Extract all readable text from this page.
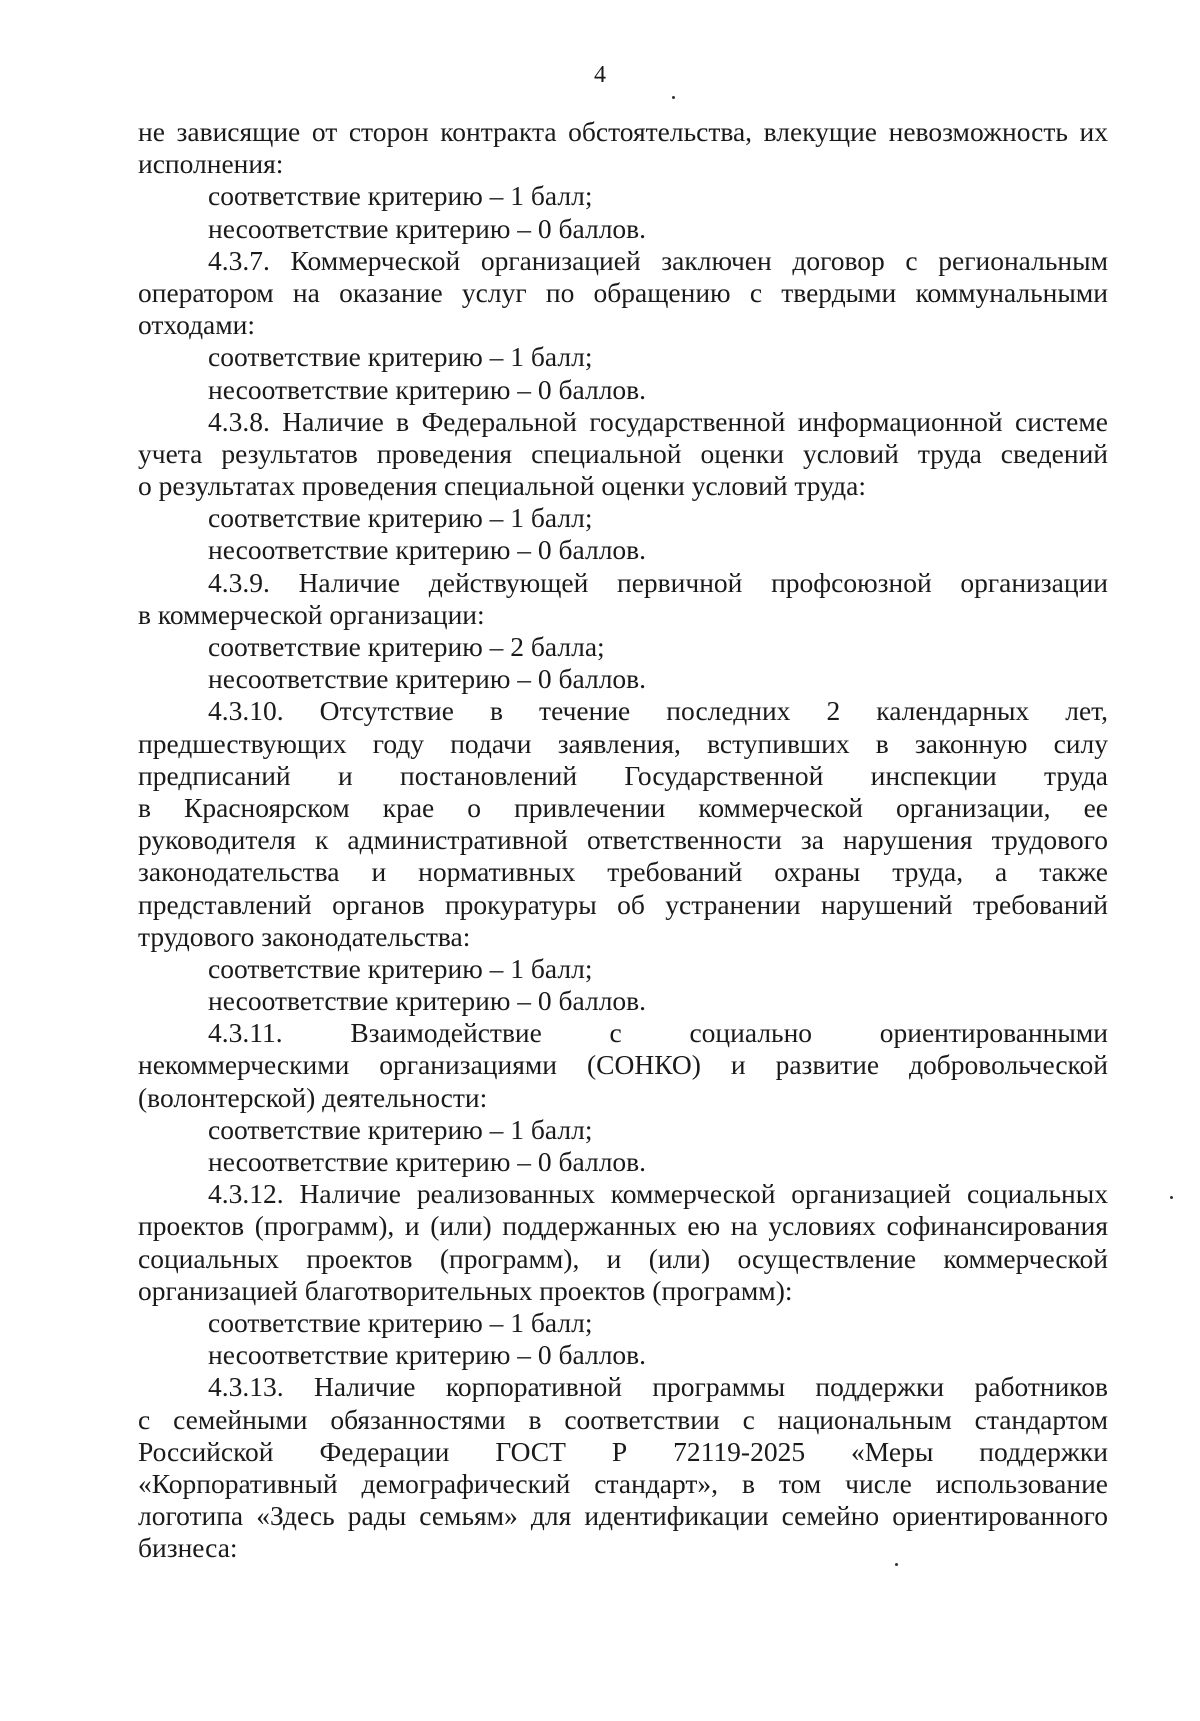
4
не зависящие от сторон контракта обстоятельства, влекущие невозможность их
исполнения:
соответствие критерию – 1 балл;
несоответствие критерию – 0 баллов.
4.3.7. Коммерческой организацией заключен договор с региональным
оператором на оказание услуг по обращению с твердыми коммунальными
отходами:
соответствие критерию – 1 балл;
несоответствие критерию – 0 баллов.
4.3.8. Наличие в Федеральной государственной информационной системе
учета результатов проведения специальной оценки условий труда сведений
о результатах проведения специальной оценки условий труда:
соответствие критерию – 1 балл;
несоответствие критерию – 0 баллов.
4.3.9. Наличие действующей первичной профсоюзной организации
в коммерческой организации:
соответствие критерию – 2 балла;
несоответствие критерию – 0 баллов.
4.3.10. Отсутствие в течение последних 2 календарных лет,
предшествующих году подачи заявления, вступивших в законную силу
предписаний и постановлений Государственной инспекции труда
в Красноярском крае о привлечении коммерческой организации, ее
руководителя к административной ответственности за нарушения трудового
законодательства и нормативных требований охраны труда, а также
представлений органов прокуратуры об устранении нарушений требований
трудового законодательства:
соответствие критерию – 1 балл;
несоответствие критерию – 0 баллов.
4.3.11. Взаимодействие с социально ориентированными
некоммерческими организациями (СОНКО) и развитие добровольческой
(волонтерской) деятельности:
соответствие критерию – 1 балл;
несоответствие критерию – 0 баллов.
4.3.12. Наличие реализованных коммерческой организацией социальных
проектов (программ), и (или) поддержанных ею на условиях софинансирования
социальных проектов (программ), и (или) осуществление коммерческой
организацией благотворительных проектов (программ):
соответствие критерию – 1 балл;
несоответствие критерию – 0 баллов.
4.3.13. Наличие корпоративной программы поддержки работников
с семейными обязанностями в соответствии с национальным стандартом
Российской Федерации ГОСТ Р 72119-2025 «Меры поддержки
«Корпоративный демографический стандарт», в том числе использование
логотипа «Здесь рады семьям» для идентификации семейно ориентированного
бизнеса:
